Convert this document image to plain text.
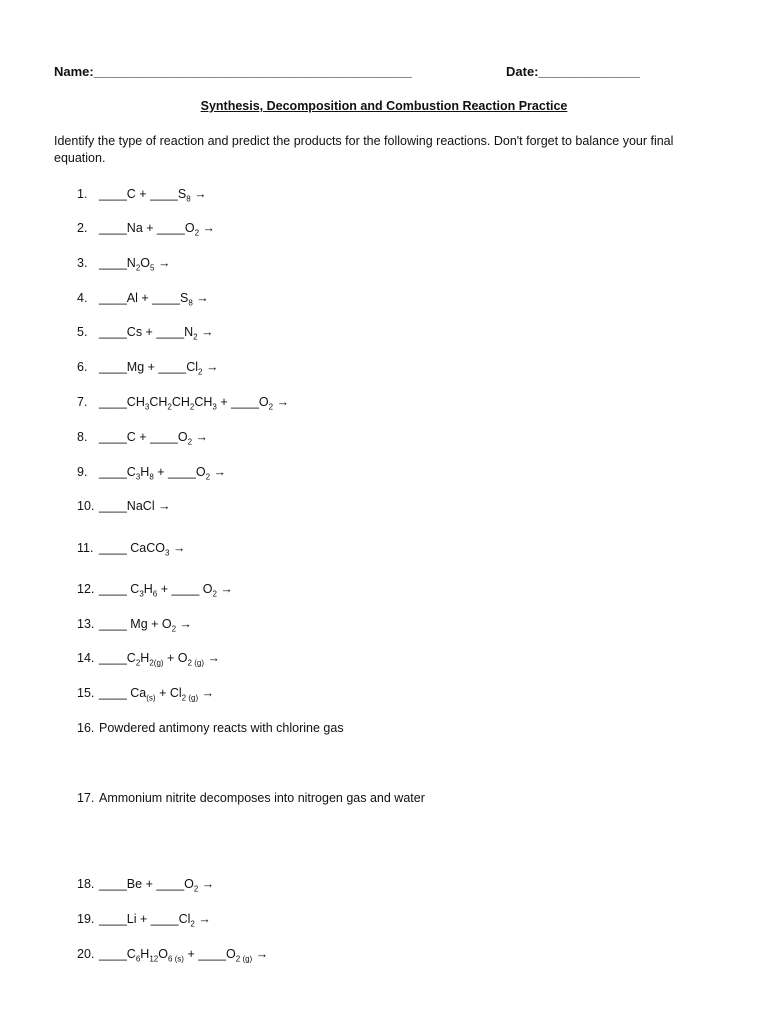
Name:____________________________________________	Date:______________
Synthesis, Decomposition and Combustion Reaction Practice
Identify the type of reaction and predict the products for the following reactions. Don't forget to balance your final equation.
1. ____C + $\_\_\_\_S_8$ →
2. ____Na + $\_\_\_\_O_2$ →
3. $\_\_\_\_N_2O_5$ →
4. ____Al + $\_\_\_\_S_8$ →
5. ____Cs + $\_\_\_\_N_2$ →
6. ____Mg + $\_\_\_\_Cl_2$ →
7. $\_\_\_\_CH_3CH_2CH_2CH_3$ + $\_\_\_\_O_2$ →
8. ____C + $\_\_\_\_O_2$ →
9. $\_\_\_\_C_3H_8$ + $\_\_\_\_O_2$ →
10. ____NaCl →
11. ____ CaCO$_3$ →
12. ____ $C_3H_6$ + ____ $O_2$ →
13. ____ $Mg + O_2$ →
14. $\_\_\_\_C_2H_{2(g)} + O_2$ $_{(g)}$ →
15. ____ $Ca_{(s)} + Cl_2$ $_{(g)}$ →
16. Powdered antimony reacts with chlorine gas
17. Ammonium nitrite decomposes into nitrogen gas and water
18. ____Be + $\_\_\_\_O_2$ →
19. ____Li + $\_\_\_\_Cl_2$ →
20. $\_\_\_\_C_6H_{12}O_6$ $_{(s)} + \_\_\_\_O_2$ $_{(g)}$ →
